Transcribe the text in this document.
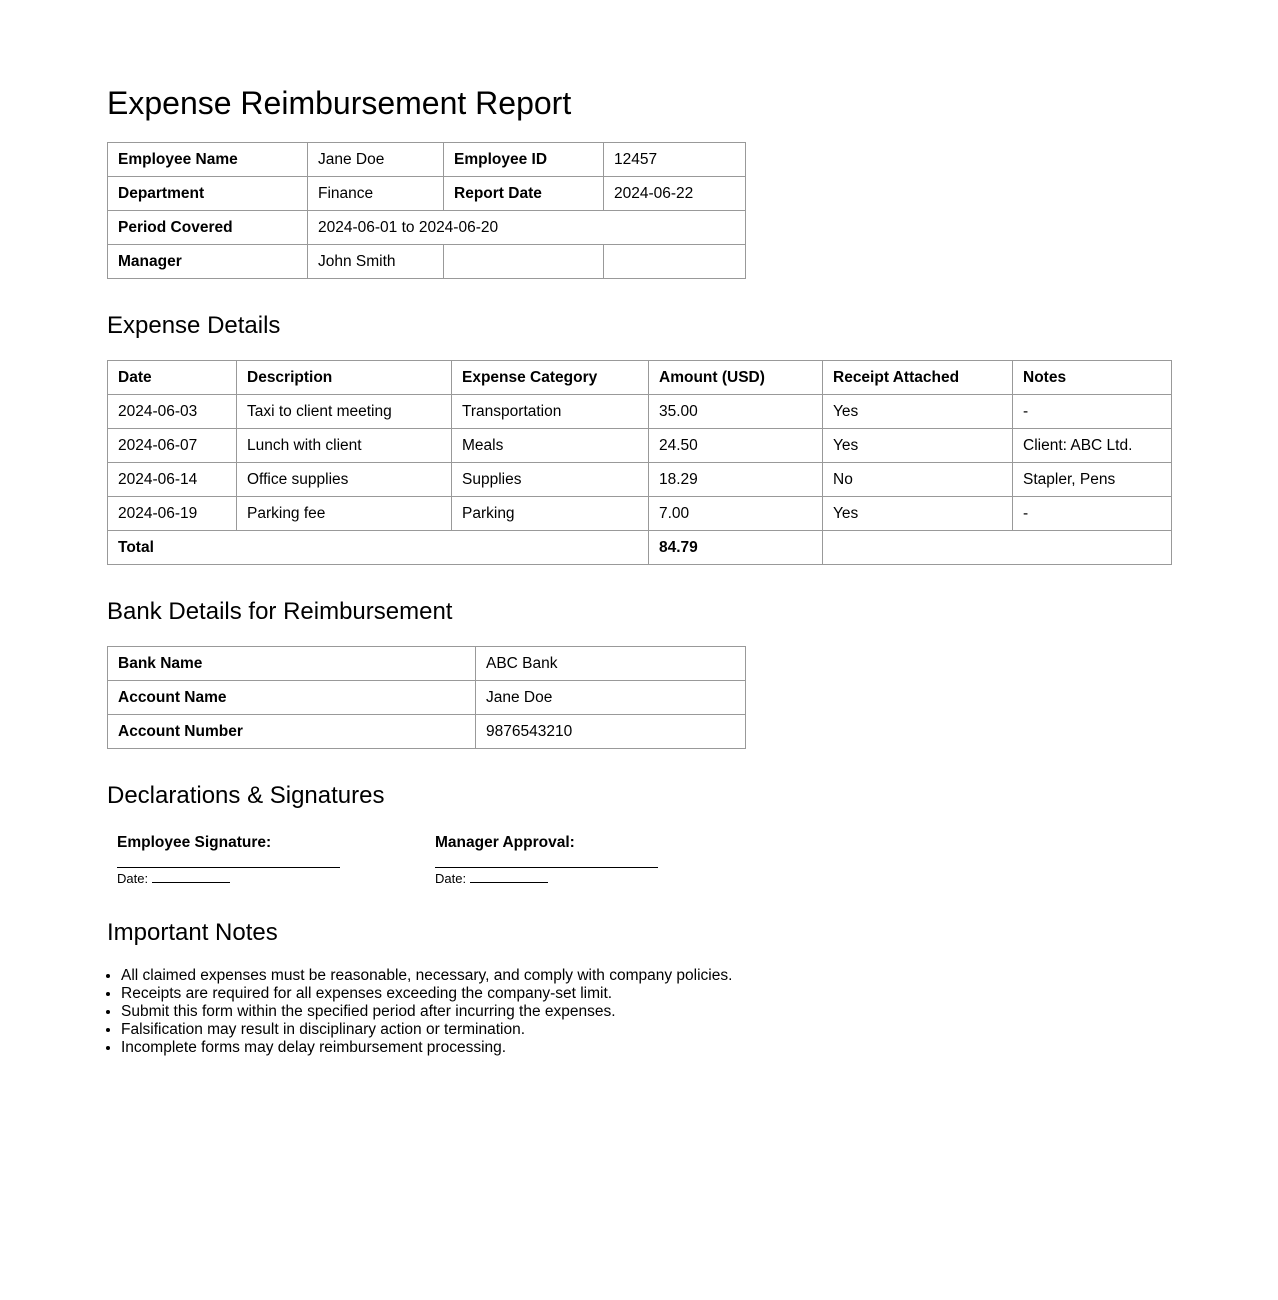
Expense Reimbursement Report
Employee Name	Jane Doe	Employee ID	12457
Department	Finance	Report Date	2024-06-22
Period Covered	2024-06-01 to 2024-06-20		
Manager	John Smith		
Expense Details
Date	Description	Expense Category	Amount (USD)	Receipt Attached	Notes
2024-06-03	Taxi to client meeting	Transportation	35.00	Yes	-
2024-06-07	Lunch with client	Meals	24.50	Yes	Client: ABC Ltd.
2024-06-14	Office supplies	Supplies	18.29	No	Stapler, Pens
2024-06-19	Parking fee	Parking	7.00	Yes	-
Total			84.79		
Bank Details for Reimbursement
Bank Name	ABC Bank
Account Name	Jane Doe
Account Number	9876543210
Declarations & Signatures
Employee Signature:
Date:
Manager Approval:
Date:
Important Notes
• All claimed expenses must be reasonable, necessary, and comply with company policies.
• Receipts are required for all expenses exceeding the company-set limit.
• Submit this form within the specified period after incurring the expenses.
• Falsification may result in disciplinary action or termination.
• Incomplete forms may delay reimbursement processing.
